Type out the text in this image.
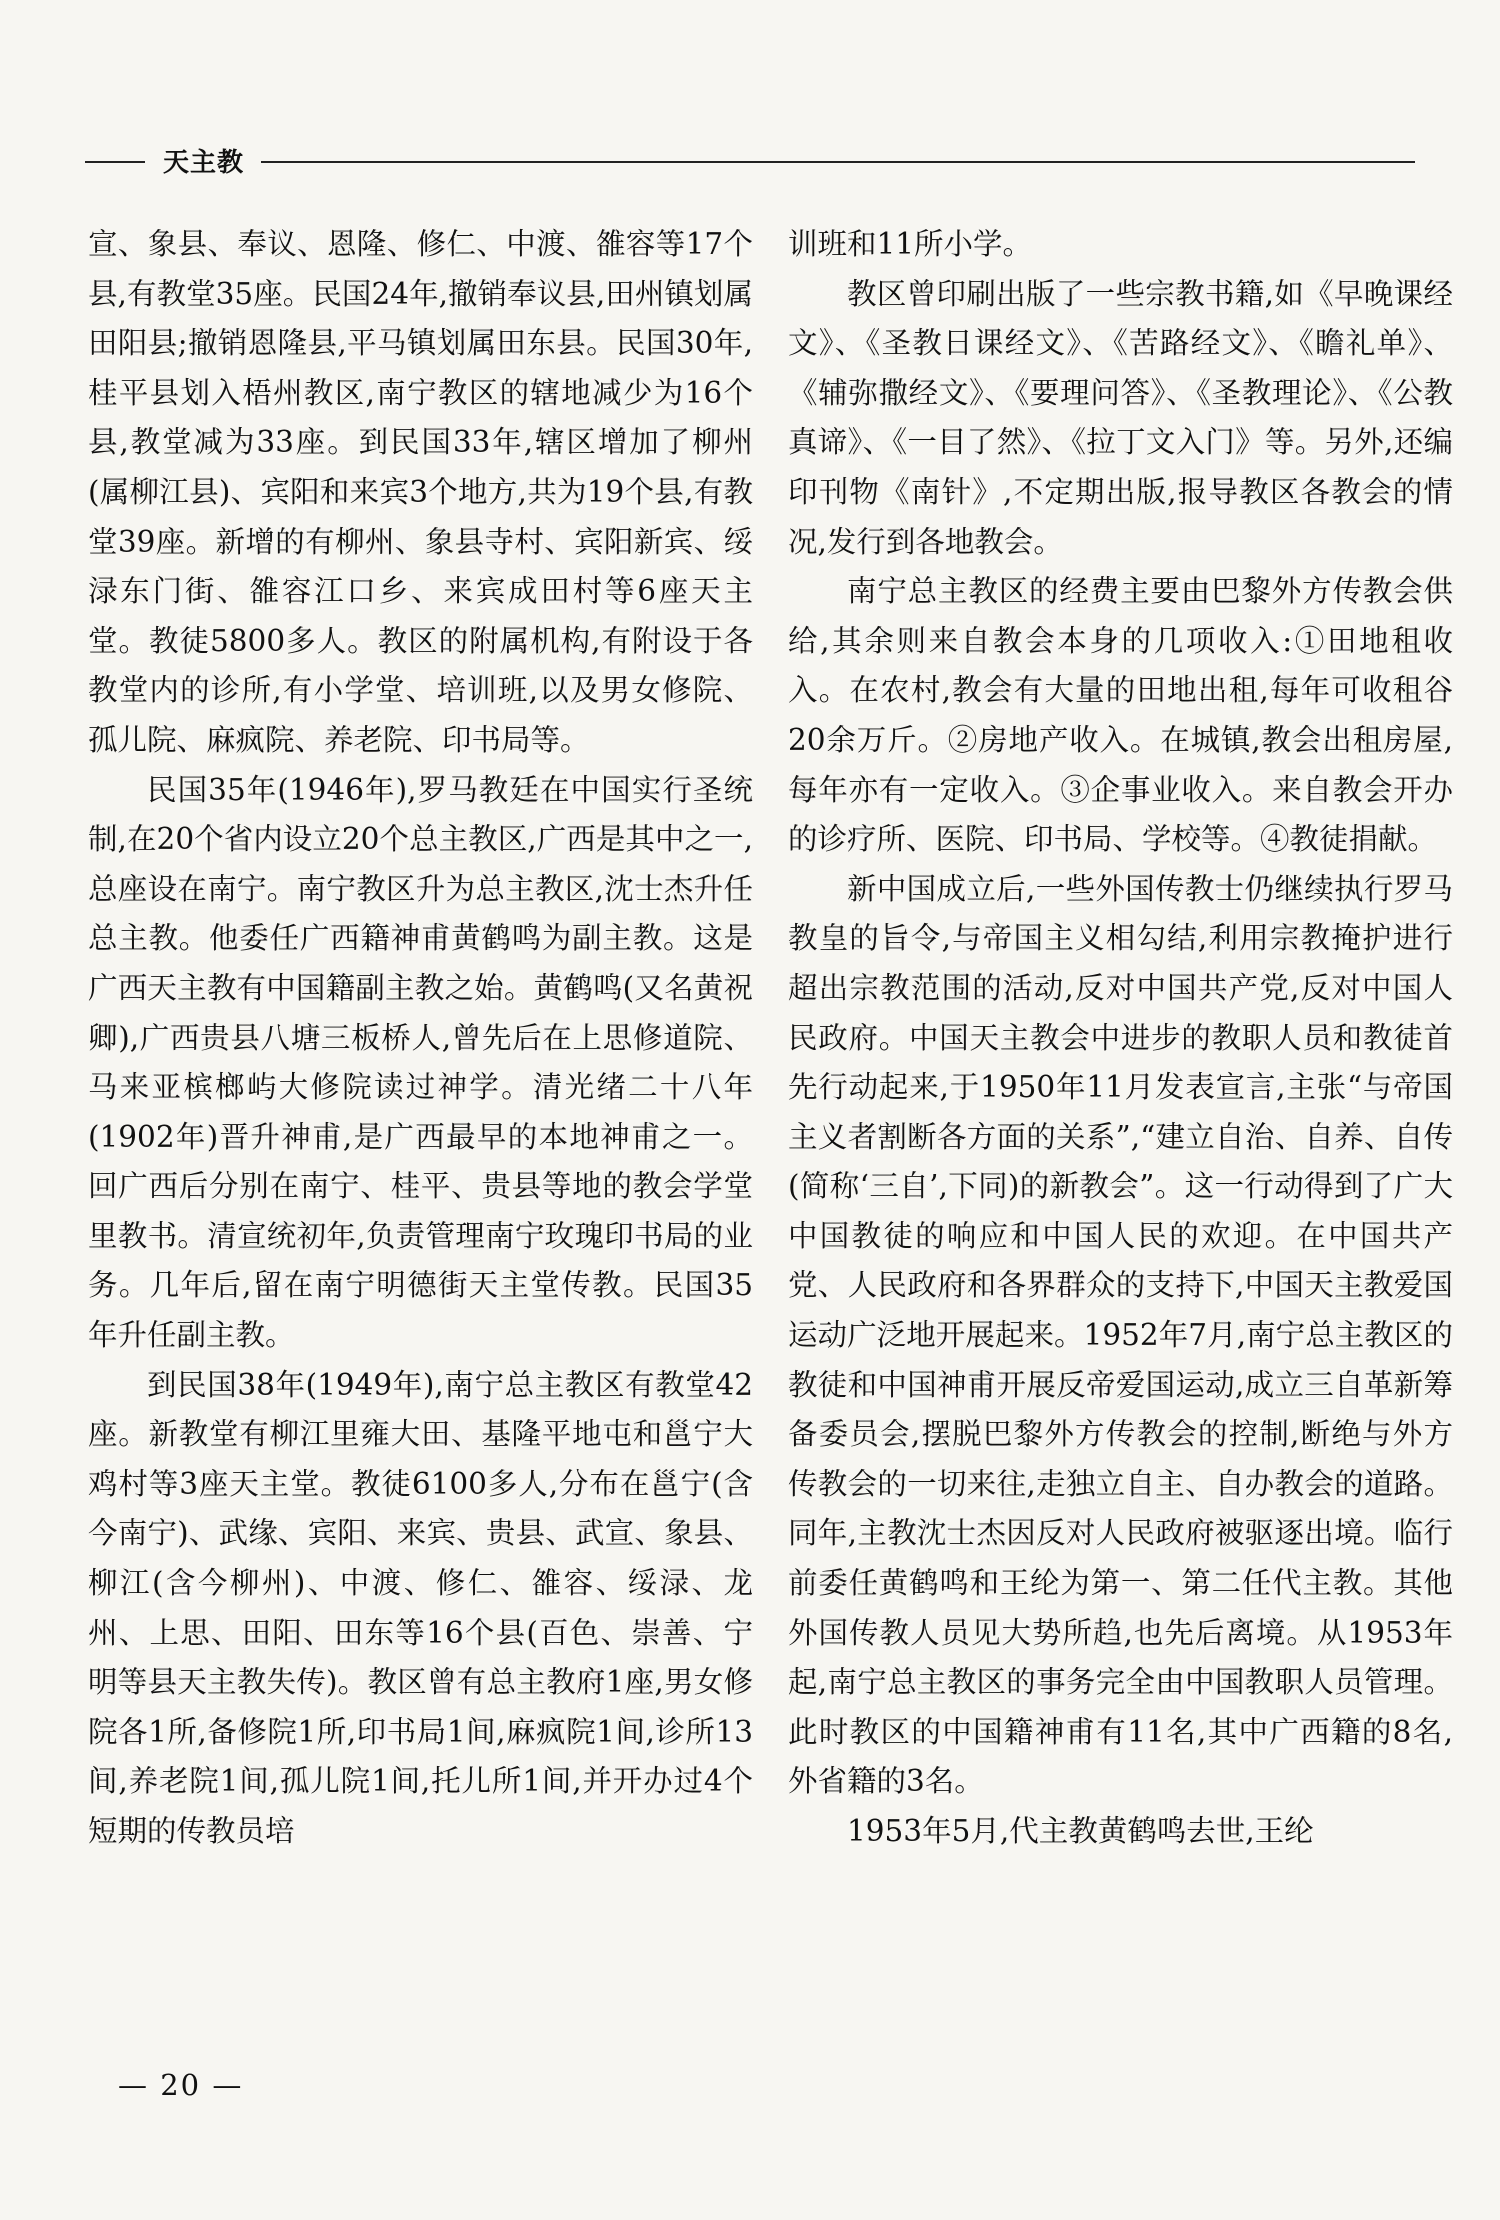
天主教

宣、象县、奉议、恩隆、修仁、中渡、雒容等17个县,有教堂35座。民国24年,撤销奉议县,田州镇划属田阳县;撤销恩隆县,平马镇划属田东县。民国30年,桂平县划入梧州教区,南宁教区的辖地减少为16个县,教堂减为33座。到民国33年,辖区增加了柳州(属柳江县)、宾阳和来宾3个地方,共为19个县,有教堂39座。新增的有柳州、象县寺村、宾阳新宾、绥渌东门街、雒容江口乡、来宾成田村等6座天主堂。教徒5800多人。教区的附属机构,有附设于各教堂内的诊所,有小学堂、培训班,以及男女修院、孤儿院、麻疯院、养老院、印书局等。

民国35年(1946年),罗马教廷在中国实行圣统制,在20个省内设立20个总主教区,广西是其中之一,总座设在南宁。南宁教区升为总主教区,沈士杰升任总主教。他委任广西籍神甫黄鹤鸣为副主教。这是广西天主教有中国籍副主教之始。黄鹤鸣(又名黄祝卿),广西贵县八塘三板桥人,曾先后在上思修道院、马来亚槟榔屿大修院读过神学。清光绪二十八年(1902年)晋升神甫,是广西最早的本地神甫之一。回广西后分别在南宁、桂平、贵县等地的教会学堂里教书。清宣统初年,负责管理南宁玫瑰印书局的业务。几年后,留在南宁明德街天主堂传教。民国35年升任副主教。

到民国38年(1949年),南宁总主教区有教堂42座。新教堂有柳江里雍大田、基隆平地屯和邕宁大鸡村等3座天主堂。教徒6100多人,分布在邕宁(含今南宁)、武缘、宾阳、来宾、贵县、武宣、象县、柳江(含今柳州)、中渡、修仁、雒容、绥渌、龙州、上思、田阳、田东等16个县(百色、崇善、宁明等县天主教失传)。教区曾有总主教府1座,男女修院各1所,备修院1所,印书局1间,麻疯院1间,诊所13间,养老院1间,孤儿院1间,托儿所1间,并开办过4个短期的传教员培

训班和11所小学。

教区曾印刷出版了一些宗教书籍,如《早晚课经文》、《圣教日课经文》、《苦路经文》、《瞻礼单》、《辅弥撒经文》、《要理问答》、《圣教理论》、《公教真谛》、《一目了然》、《拉丁文入门》等。另外,还编印刊物《南针》,不定期出版,报导教区各教会的情况,发行到各地教会。

南宁总主教区的经费主要由巴黎外方传教会供给,其余则来自教会本身的几项收入:①田地租收入。在农村,教会有大量的田地出租,每年可收租谷20余万斤。②房地产收入。在城镇,教会出租房屋,每年亦有一定收入。③企事业收入。来自教会开办的诊疗所、医院、印书局、学校等。④教徒捐献。

新中国成立后,一些外国传教士仍继续执行罗马教皇的旨令,与帝国主义相勾结,利用宗教掩护进行超出宗教范围的活动,反对中国共产党,反对中国人民政府。中国天主教会中进步的教职人员和教徒首先行动起来,于1950年11月发表宣言,主张“与帝国主义者割断各方面的关系”,“建立自治、自养、自传(简称‘三自’,下同)的新教会”。这一行动得到了广大中国教徒的响应和中国人民的欢迎。在中国共产党、人民政府和各界群众的支持下,中国天主教爱国运动广泛地开展起来。1952年7月,南宁总主教区的教徒和中国神甫开展反帝爱国运动,成立三自革新筹备委员会,摆脱巴黎外方传教会的控制,断绝与外方传教会的一切来往,走独立自主、自办教会的道路。同年,主教沈士杰因反对人民政府被驱逐出境。临行前委任黄鹤鸣和王纶为第一、第二任代主教。其他外国传教人员见大势所趋,也先后离境。从1953年起,南宁总主教区的事务完全由中国教职人员管理。此时教区的中国籍神甫有11名,其中广西籍的8名,外省籍的3名。

1953年5月,代主教黄鹤鸣去世,王纶

— 20 —
